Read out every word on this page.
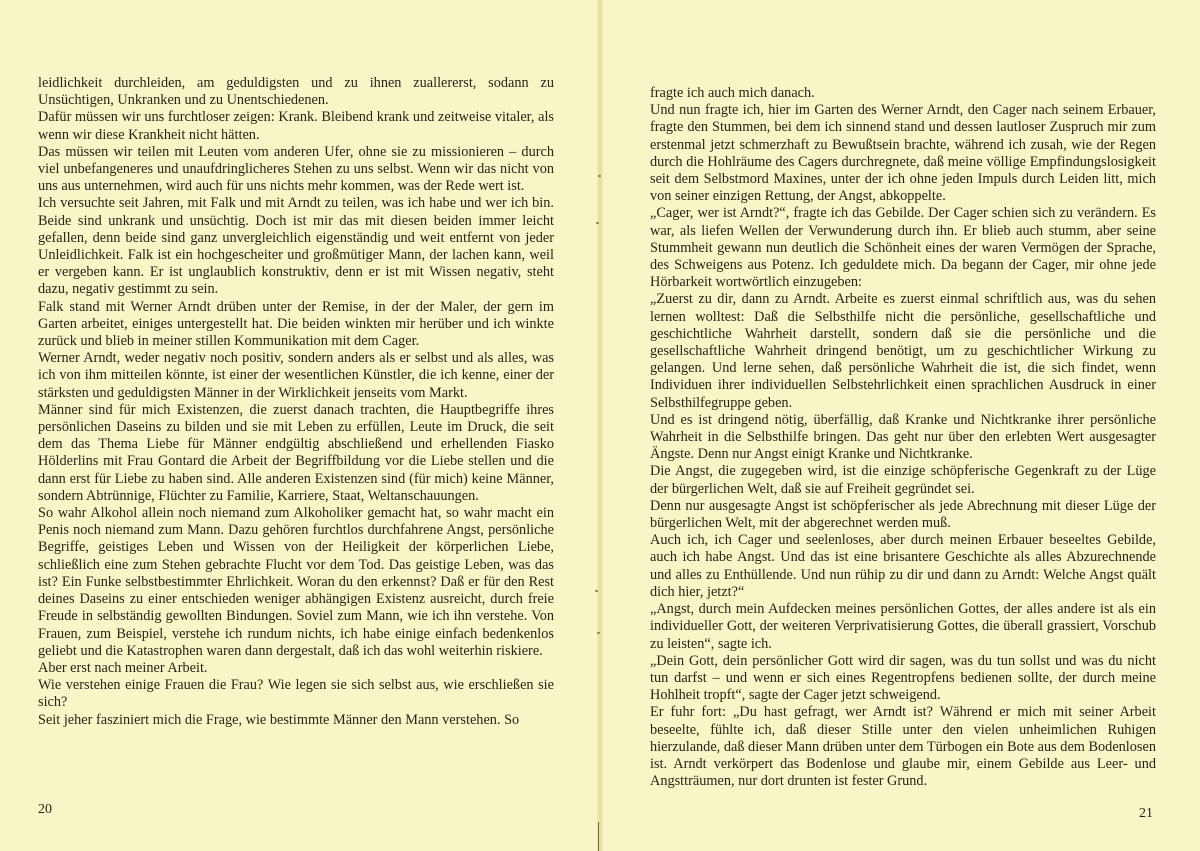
leidlichkeit durchleiden, am geduldigsten und zu ihnen zuallererst, sodann zu Unsüchtigen, Unkranken und zu Unentschiedenen.

Dafür müssen wir uns furchtloser zeigen: Krank. Bleibend krank und zeitweise vitaler, als wenn wir diese Krankheit nicht hätten.

Das müssen wir teilen mit Leuten vom anderen Ufer, ohne sie zu missionieren – durch viel unbefangeneres und unaufdringlicheres Stehen zu uns selbst. Wenn wir das nicht von uns aus unternehmen, wird auch für uns nichts mehr kommen, was der Rede wert ist.

Ich versuchte seit Jahren, mit Falk und mit Arndt zu teilen, was ich habe und wer ich bin. Beide sind unkrank und unsüchtig. Doch ist mir das mit diesen beiden immer leicht gefallen, denn beide sind ganz unvergleichlich eigenständig und weit entfernt von jeder Unleidlichkeit. Falk ist ein hochgescheiter und großmütiger Mann, der lachen kann, weil er vergeben kann. Er ist unglaublich konstruktiv, denn er ist mit Wissen negativ, steht dazu, negativ gestimmt zu sein.

Falk stand mit Werner Arndt drüben unter der Remise, in der der Maler, der gern im Garten arbeitet, einiges untergestellt hat. Die beiden winkten mir herüber und ich winkte zurück und blieb in meiner stillen Kommunikation mit dem Cager.

Werner Arndt, weder negativ noch positiv, sondern anders als er selbst und als alles, was ich von ihm mitteilen könnte, ist einer der wesentlichen Künstler, die ich kenne, einer der stärksten und geduldigsten Männer in der Wirklichkeit jenseits vom Markt.

Männer sind für mich Existenzen, die zuerst danach trachten, die Hauptbegriffe ihres persönlichen Daseins zu bilden und sie mit Leben zu erfüllen, Leute im Druck, die seit dem das Thema Liebe für Männer endgültig abschließend und erhellenden Fiasko Hölderlins mit Frau Gontard die Arbeit der Begriffbildung vor die Liebe stellen und die dann erst für Liebe zu haben sind. Alle anderen Existenzen sind (für mich) keine Männer, sondern Abtrünnige, Flüchter zu Familie, Karriere, Staat, Weltanschauungen.

So wahr Alkohol allein noch niemand zum Alkoholiker gemacht hat, so wahr macht ein Penis noch niemand zum Mann. Dazu gehören furchtlos durchfahrene Angst, persönliche Begriffe, geistiges Leben und Wissen von der Heiligkeit der körperlichen Liebe, schließlich eine zum Stehen gebrachte Flucht vor dem Tod. Das geistige Leben, was das ist? Ein Funke selbstbestimmter Ehrlichkeit. Woran du den erkennst? Daß er für den Rest deines Daseins zu einer entschieden weniger abhängigen Existenz ausreicht, durch freie Freude in selbständig gewollten Bindungen. Soviel zum Mann, wie ich ihn verstehe. Von Frauen, zum Beispiel, verstehe ich rundum nichts, ich habe einige einfach bedenkenlos geliebt und die Katastrophen waren dann dergestalt, daß ich das wohl weiterhin riskiere.

Aber erst nach meiner Arbeit.

Wie verstehen einige Frauen die Frau? Wie legen sie sich selbst aus, wie erschließen sie sich?

Seit jeher fasziniert mich die Frage, wie bestimmte Männer den Mann verstehen. So

20

fragte ich auch mich danach.

Und nun fragte ich, hier im Garten des Werner Arndt, den Cager nach seinem Erbauer, fragte den Stummen, bei dem ich sinnend stand und dessen lautloser Zuspruch mir zum erstenmal jetzt schmerzhaft zu Bewußtsein brachte, während ich zusah, wie der Regen durch die Hohlräume des Cagers durchregnete, daß meine völlige Empfindungslosigkeit seit dem Selbstmord Maxines, unter der ich ohne jeden Impuls durch Leiden litt, mich von seiner einzigen Rettung, der Angst, abkoppelte.

„Cager, wer ist Arndt?“, fragte ich das Gebilde. Der Cager schien sich zu verändern. Es war, als liefen Wellen der Verwunderung durch ihn. Er blieb auch stumm, aber seine Stummheit gewann nun deutlich die Schönheit eines der waren Vermögen der Sprache, des Schweigens aus Potenz. Ich geduldete mich. Da begann der Cager, mir ohne jede Hörbarkeit wortwörtlich einzugeben:

„Zuerst zu dir, dann zu Arndt. Arbeite es zuerst einmal schriftlich aus, was du sehen lernen wolltest: Daß die Selbsthilfe nicht die persönliche, gesellschaftliche und geschichtliche Wahrheit darstellt, sondern daß sie die persönliche und die gesellschaftliche Wahrheit dringend benötigt, um zu geschichtlicher Wirkung zu gelangen. Und lerne sehen, daß persönliche Wahrheit die ist, die sich findet, wenn Individuen ihrer individuellen Selbstehrlichkeit einen sprachlichen Ausdruck in einer Selbsthilfegruppe geben.

Und es ist dringend nötig, überfällig, daß Kranke und Nichtkranke ihrer persönliche Wahrheit in die Selbsthilfe bringen. Das geht nur über den erlebten Wert ausgesagter Ängste. Denn nur Angst einigt Kranke und Nichtkranke.

Die Angst, die zugegeben wird, ist die einzige schöpferische Gegenkraft zu der Lüge der bürgerlichen Welt, daß sie auf Freiheit gegründet sei.

Denn nur ausgesagte Angst ist schöpferischer als jede Abrechnung mit dieser Lüge der bürgerlichen Welt, mit der abgerechnet werden muß.

Auch ich, ich Cager und seelenloses, aber durch meinen Erbauer beseeltes Gebilde, auch ich habe Angst. Und das ist eine brisantere Geschichte als alles Abzurechnende und alles zu Enthüllende. Und nun rühip zu dir und dann zu Arndt: Welche Angst quält dich hier, jetzt?“

„Angst, durch mein Aufdecken meines persönlichen Gottes, der alles andere ist als ein individueller Gott, der weiteren Verprivatisierung Gottes, die überall grassiert, Vorschub zu leisten“, sagte ich.

„Dein Gott, dein persönlicher Gott wird dir sagen, was du tun sollst und was du nicht tun darfst – und wenn er sich eines Regentropfens bedienen sollte, der durch meine Hohlheit tropft“, sagte der Cager jetzt schweigend.

Er fuhr fort: „Du hast gefragt, wer Arndt ist? Während er mich mit seiner Arbeit beseelte, fühlte ich, daß dieser Stille unter den vielen unheimlichen Ruhigen hierzulande, daß dieser Mann drüben unter dem Türbogen ein Bote aus dem Bodenlosen ist. Arndt verkörpert das Bodenlose und glaube mir, einem Gebilde aus Leer- und Angstträumen, nur dort drunten ist fester Grund.

21
